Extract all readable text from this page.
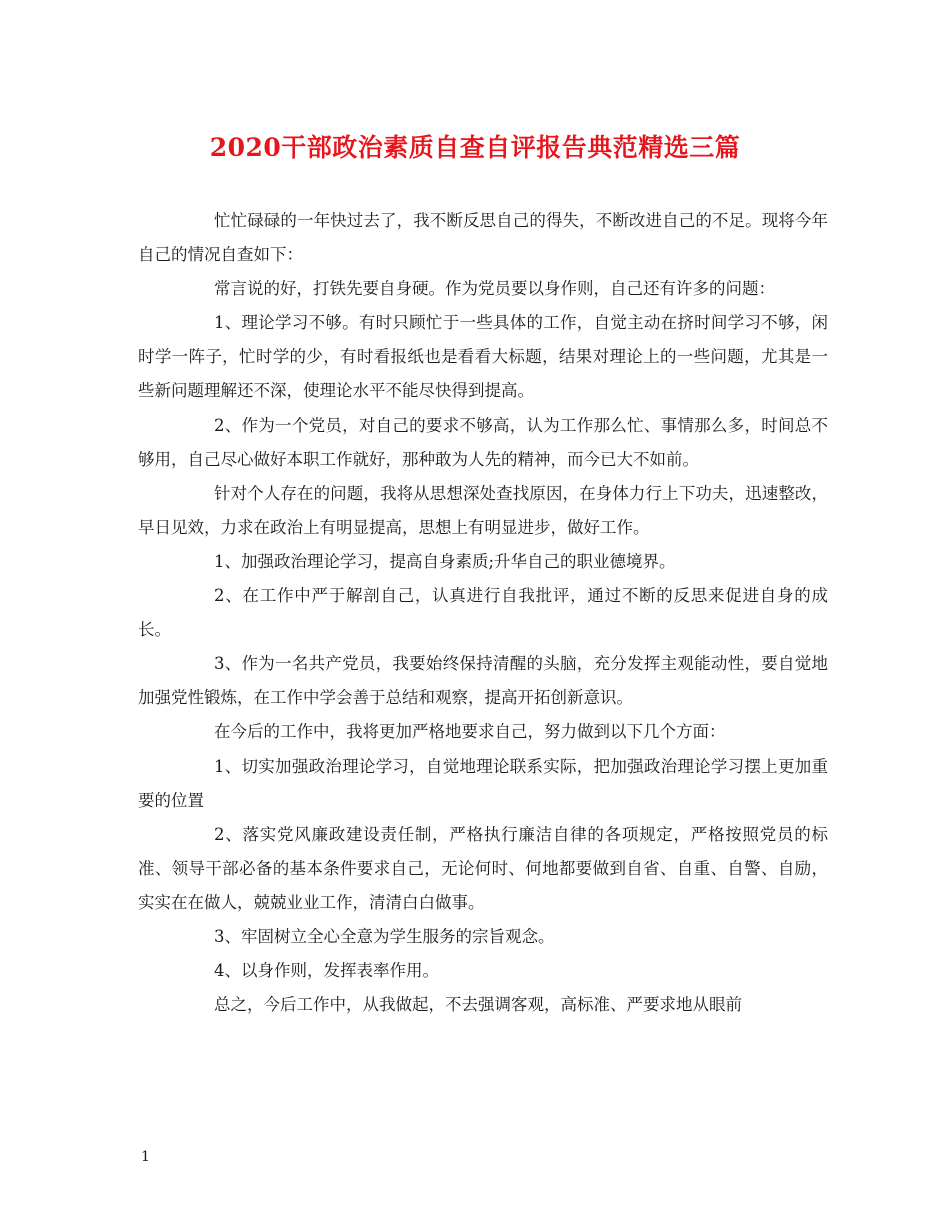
2020干部政治素质自查自评报告典范精选三篇

忙忙碌碌的一年快过去了，我不断反思自己的得失，不断改进自己的不足。现将今年自己的情况自查如下：

常言说的好，打铁先要自身硬。作为党员要以身作则，自己还有许多的问题：

1、理论学习不够。有时只顾忙于一些具体的工作，自觉主动在挤时间学习不够，闲时学一阵子，忙时学的少，有时看报纸也是看看大标题，结果对理论上的一些问题，尤其是一些新问题理解还不深，使理论水平不能尽快得到提高。

2、作为一个党员，对自己的要求不够高，认为工作那么忙、事情那么多，时间总不够用，自己尽心做好本职工作就好，那种敢为人先的精神，而今已大不如前。

针对个人存在的问题，我将从思想深处查找原因，在身体力行上下功夫，迅速整改，早日见效，力求在政治上有明显提高，思想上有明显进步，做好工作。

1、加强政治理论学习，提高自身素质;升华自己的职业德境界。

2、在工作中严于解剖自己，认真进行自我批评，通过不断的反思来促进自身的成长。

3、作为一名共产党员，我要始终保持清醒的头脑，充分发挥主观能动性，要自觉地加强党性锻炼，在工作中学会善于总结和观察，提高开拓创新意识。

在今后的工作中，我将更加严格地要求自己，努力做到以下几个方面：

1、切实加强政治理论学习，自觉地理论联系实际，把加强政治理论学习摆上更加重要的位置

2、落实党风廉政建设责任制，严格执行廉洁自律的各项规定，严格按照党员的标准、领导干部必备的基本条件要求自己，无论何时、何地都要做到自省、自重、自警、自励，实实在在做人，兢兢业业工作，清清白白做事。

3、牢固树立全心全意为学生服务的宗旨观念。

4、以身作则，发挥表率作用。

总之，今后工作中，从我做起，不去强调客观，高标准、严要求地从眼前

1
